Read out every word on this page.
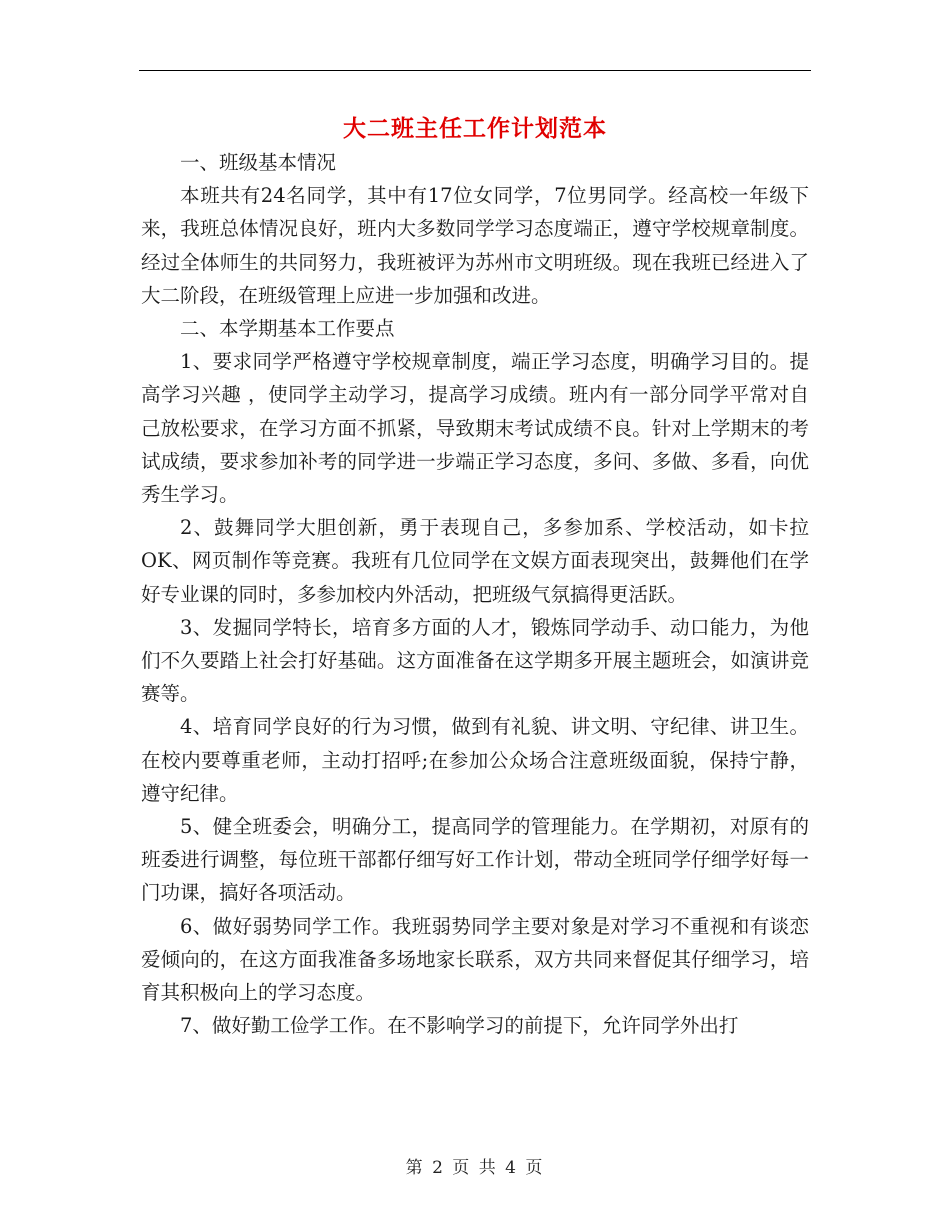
大二班主任工作计划范本

一、班级基本情况

本班共有24名同学，其中有17位女同学，7位男同学。经高校一年级下来，我班总体情况良好，班内大多数同学学习态度端正，遵守学校规章制度。经过全体师生的共同努力，我班被评为苏州市文明班级。现在我班已经进入了大二阶段，在班级管理上应进一步加强和改进。

二、本学期基本工作要点

1、要求同学严格遵守学校规章制度，端正学习态度，明确学习目的。提高学习兴趣 ，使同学主动学习，提高学习成绩。班内有一部分同学平常对自己放松要求，在学习方面不抓紧，导致期末考试成绩不良。针对上学期末的考试成绩，要求参加补考的同学进一步端正学习态度，多问、多做、多看，向优秀生学习。

2、鼓舞同学大胆创新，勇于表现自己，多参加系、学校活动，如卡拉OK、网页制作等竞赛。我班有几位同学在文娱方面表现突出，鼓舞他们在学好专业课的同时，多参加校内外活动，把班级气氛搞得更活跃。

3、发掘同学特长，培育多方面的人才，锻炼同学动手、动口能力，为他们不久要踏上社会打好基础。这方面准备在这学期多开展主题班会，如演讲竞赛等。

4、培育同学良好的行为习惯，做到有礼貌、讲文明、守纪律、讲卫生。在校内要尊重老师，主动打招呼;在参加公众场合注意班级面貌，保持宁静，遵守纪律。

5、健全班委会，明确分工，提高同学的管理能力。在学期初，对原有的班委进行调整，每位班干部都仔细写好工作计划，带动全班同学仔细学好每一门功课，搞好各项活动。

6、做好弱势同学工作。我班弱势同学主要对象是对学习不重视和有谈恋爱倾向的，在这方面我准备多场地家长联系，双方共同来督促其仔细学习，培育其积极向上的学习态度。

7、做好勤工俭学工作。在不影响学习的前提下，允许同学外出打

第 2 页 共 4 页
